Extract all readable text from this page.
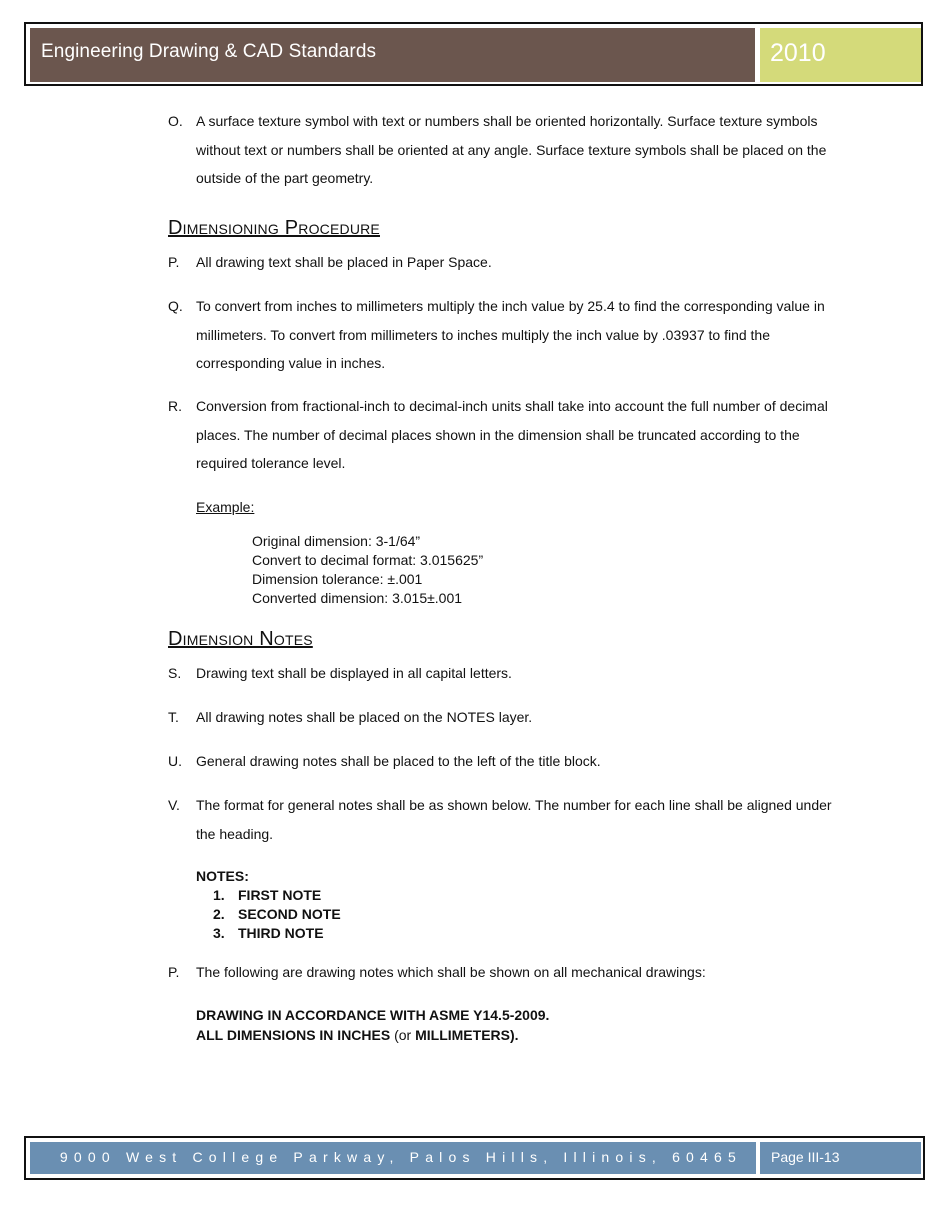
Engineering Drawing & CAD Standards	2010
O. A surface texture symbol with text or numbers shall be oriented horizontally. Surface texture symbols without text or numbers shall be oriented at any angle. Surface texture symbols shall be placed on the outside of the part geometry.
Dimensioning Procedure
P. All drawing text shall be placed in Paper Space.
Q. To convert from inches to millimeters multiply the inch value by 25.4 to find the corresponding value in millimeters. To convert from millimeters to inches multiply the inch value by .03937 to find the corresponding value in inches.
R. Conversion from fractional-inch to decimal-inch units shall take into account the full number of decimal places. The number of decimal places shown in the dimension shall be truncated according to the required tolerance level.
Example:
Original dimension: 3-1/64”
Convert to decimal format: 3.015625”
Dimension tolerance: ±.001
Converted dimension: 3.015±.001
Dimension Notes
S. Drawing text shall be displayed in all capital letters.
T. All drawing notes shall be placed on the NOTES layer.
U. General drawing notes shall be placed to the left of the title block.
V. The format for general notes shall be as shown below. The number for each line shall be aligned under the heading.
NOTES:
1. FIRST NOTE
2. SECOND NOTE
3. THIRD NOTE
P. The following are drawing notes which shall be shown on all mechanical drawings:
DRAWING IN ACCORDANCE WITH ASME Y14.5-2009.
ALL DIMENSIONS IN INCHES (or MILLIMETERS).
9000 West College Parkway, Palos Hills, Illinois, 60465 Page III-13
